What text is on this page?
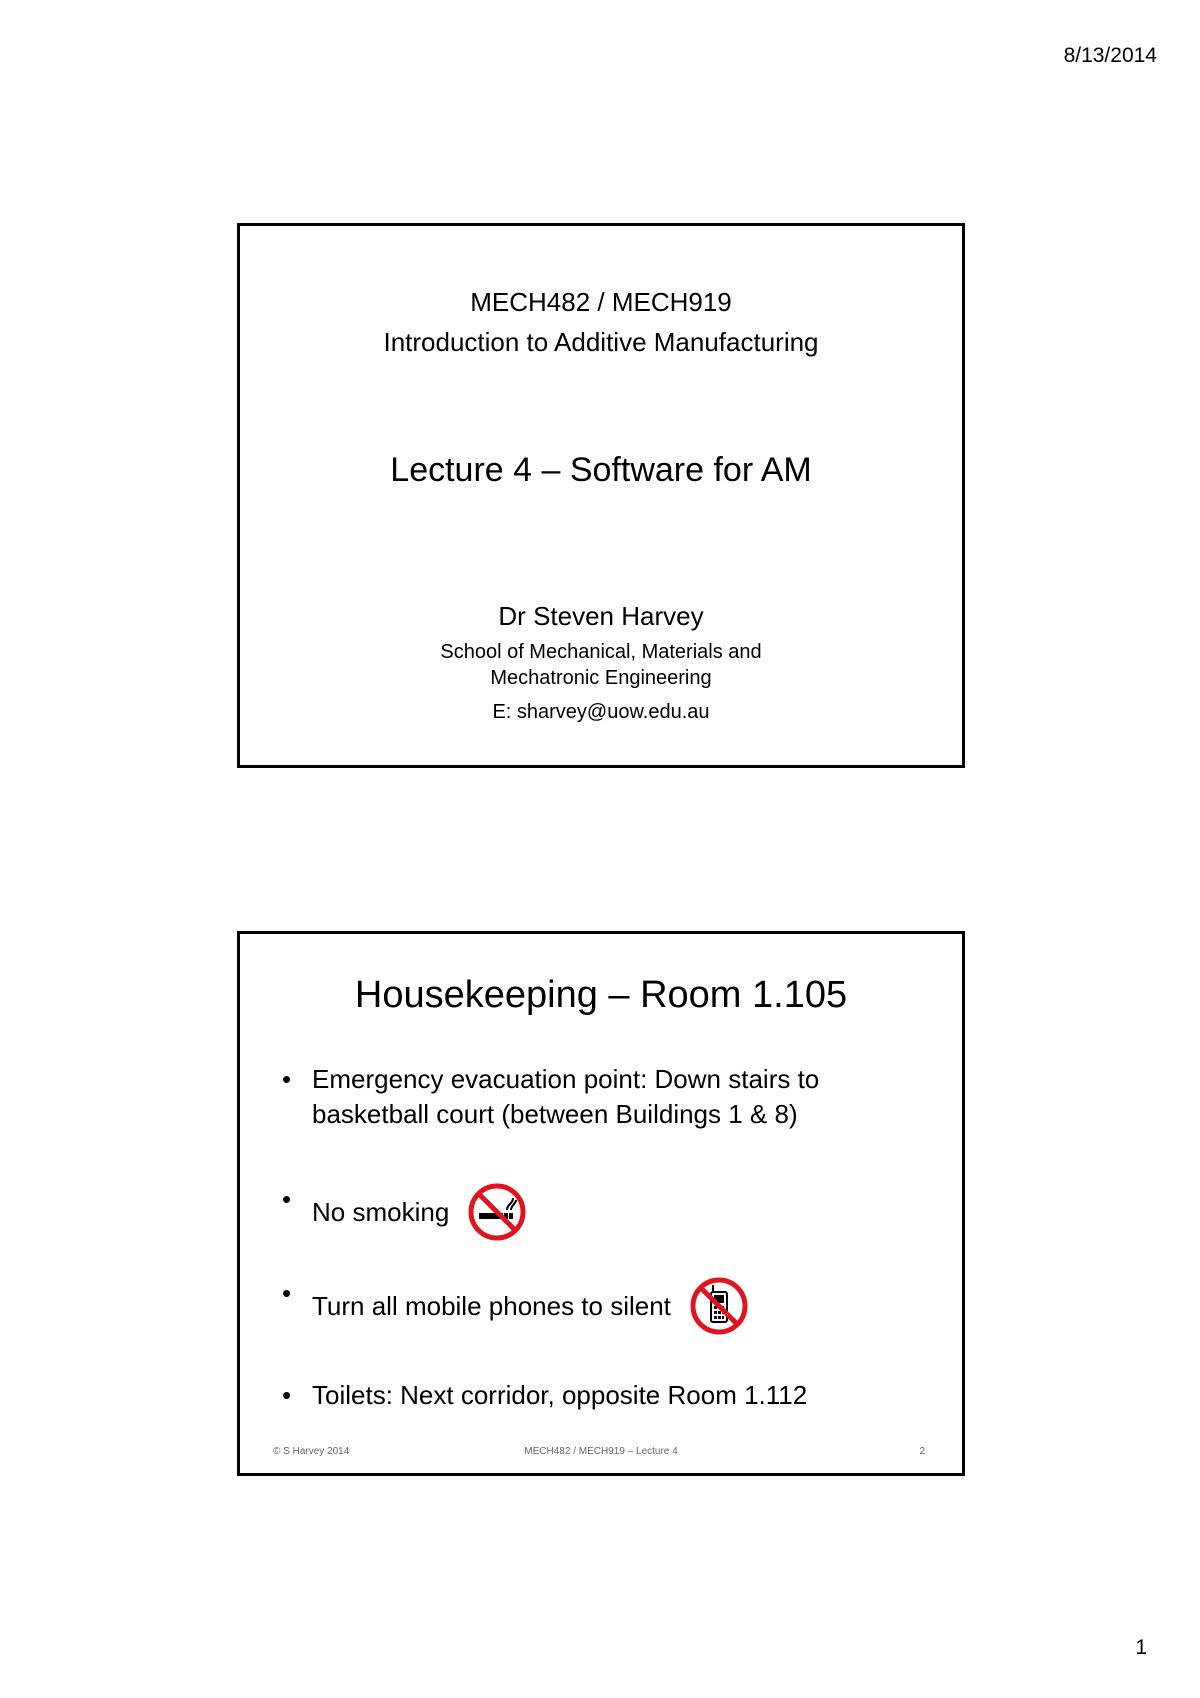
8/13/2014
MECH482 / MECH919
Introduction to Additive Manufacturing
Lecture 4 – Software for AM
Dr Steven Harvey
School of Mechanical, Materials and
Mechatronic Engineering
E: sharvey@uow.edu.au
Housekeeping – Room 1.105
• Emergency evacuation point: Down stairs to basketball court (between Buildings 1 & 8)
• No smoking
• Turn all mobile phones to silent
• Toilets: Next corridor, opposite Room 1.112
© S Harvey 2014	MECH482 / MECH919 – Lecture 4	2
1
